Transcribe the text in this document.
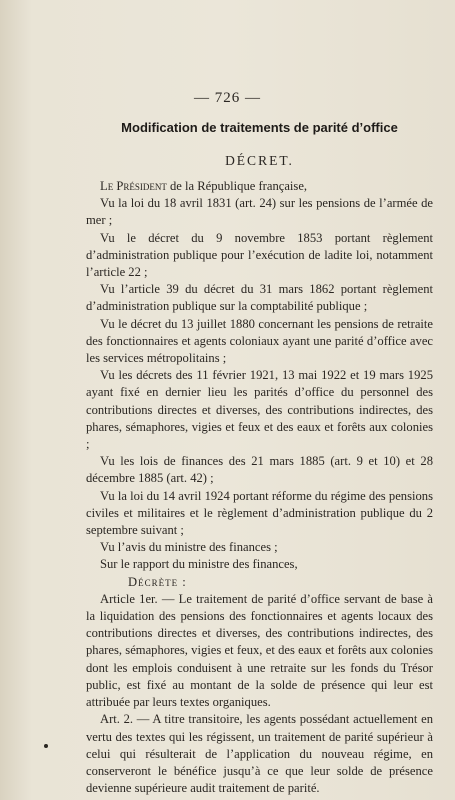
— 726 —
Modification de traitements de parité d’office
DÉCRET.

Le Président de la République française,

Vu la loi du 18 avril 1831 (art. 24) sur les pensions de l’armée de mer ;

Vu le décret du 9 novembre 1853 portant règlement d’administration publique pour l’exécution de ladite loi, notamment l’article 22 ;

Vu l’article 39 du décret du 31 mars 1862 portant règlement d’administration publique sur la comptabilité publique ;

Vu le décret du 13 juillet 1880 concernant les pensions de retraite des fonctionnaires et agents coloniaux ayant une parité d’office avec les services métropolitains ;

Vu les décrets des 11 février 1921, 13 mai 1922 et 19 mars 1925 ayant fixé en dernier lieu les parités d’office du personnel des contributions directes et diverses, des contributions indirectes, des phares, sémaphores, vigies et feux et des eaux et forêts aux colonies ;

Vu les lois de finances des 21 mars 1885 (art. 9 et 10) et 28 décembre 1885 (art. 42) ;

Vu la loi du 14 avril 1924 portant réforme du régime des pensions civiles et militaires et le règlement d’administration publique du 2 septembre suivant ;

Vu l’avis du ministre des finances ;

Sur le rapport du ministre des finances,

Décrète :

Article 1er. — Le traitement de parité d’office servant de base à la liquidation des pensions des fonctionnaires et agents locaux des contributions directes et diverses, des contributions indirectes, des phares, sémaphores, vigies et feux, et des eaux et forêts aux colonies dont les emplois conduisent à une retraite sur les fonds du Trésor public, est fixé au montant de la solde de présence qui leur est attribuée par leurs textes organiques.

Art. 2. — A titre transitoire, les agents possédant actuellement en vertu des textes qui les régissent, un traitement de parité supérieur à celui qui résulterait de l’application du nouveau régime, en conserveront le bénéfice jusqu’à ce que leur solde de présence devienne supérieure audit traitement de parité.
